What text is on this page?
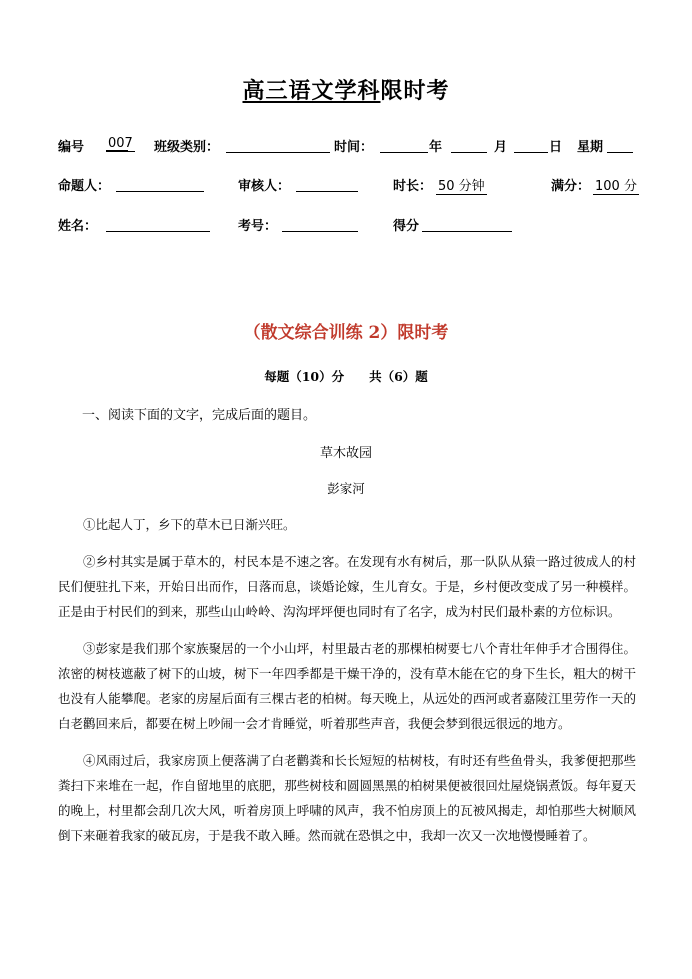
高三语文学科限时考
编号 007 班级类别：	时间：	年	月	日 星期
命题人：	审核人：	时长： 50 分钟	满分： 100 分
姓名：	考号：	得分
（散文综合训练 2）限时考
每题（10）分　　共（6）题
一、阅读下面的文字，完成后面的题目。
草木故园
彭家河

①比起人丁，乡下的草木已日渐兴旺。

②乡村其实是属于草木的，村民本是不速之客。在发现有水有树后，那一队队从猿一路过彼成人的村民们便驻扎下来，开始日出而作，日落而息，谈婚论嫁，生儿育女。于是，乡村便改变成了另一种模样。正是由于村民们的到来，那些山山岭岭、沟沟坪坪便也同时有了名字，成为村民们最朴素的方位标识。

③彭家是我们那个家族聚居的一个小山坪，村里最古老的那棵柏树要七八个青壮年伸手才合围得住。浓密的树枝遮蔽了树下的山坡，树下一年四季都是干燥干净的，没有草木能在它的身下生长，粗大的树干也没有人能攀爬。老家的房屋后面有三棵古老的柏树。每天晚上，从远处的西河或者嘉陵江里劳作一天的白老鹳回来后，都要在树上吵闹一会才肯睡觉，听着那些声音，我便会梦到很远很远的地方。

④风雨过后，我家房顶上便落满了白老鹳粪和长长短短的枯树枝，有时还有些鱼骨头，我爹便把那些粪扫下来堆在一起，作自留地里的底肥，那些树枝和圆圆黑黑的柏树果便被很回灶屋烧锅煮饭。每年夏天的晚上，村里都会刮几次大风，听着房顶上呼啸的风声，我不怕房顶上的瓦被风揭走，却怕那些大树顺风倒下来砸着我家的破瓦房，于是我不敢入睡。然而就在恐惧之中，我却一次又一次地慢慢睡着了。
